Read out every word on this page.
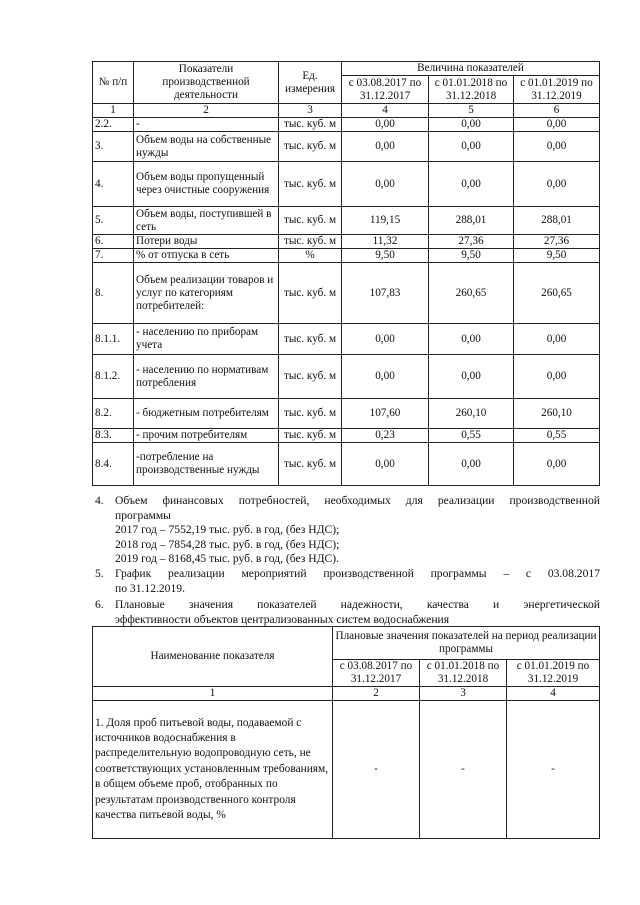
№ п/п	Показатели производственной деятельности	Ед. измерения	Величина показателей		
			с 03.08.2017 по 31.12.2017	с 01.01.2018 по 31.12.2018	с 01.01.2019 по 31.12.2019
1	2	3	4	5	6
2.2.	-	тыс. куб. м	0,00	0,00	0,00
3.	Объем воды на собственные нужды	тыс. куб. м	0,00	0,00	0,00
4.	Объем воды пропущенный через очистные сооружения	тыс. куб. м	0,00	0,00	0,00
5.	Объем воды, поступившей в сеть	тыс. куб. м	119,15	288,01	288,01
6.	Потери воды	тыс. куб. м	11,32	27,36	27,36
7.	% от отпуска в сеть	%	9,50	9,50	9,50
8.	Объем реализации товаров и услуг по категориям потребителей:	тыс. куб. м	107,83	260,65	260,65
8.1.1.	- населению по приборам учета	тыс. куб. м	0,00	0,00	0,00
8.1.2.	- населению по нормативам потребления	тыс. куб. м	0,00	0,00	0,00
8.2.	- бюджетным потребителям	тыс. куб. м	107,60	260,10	260,10
8.3.	- прочим потребителям	тыс. куб. м	0,23	0,55	0,55
8.4.	-потребление на производственные нужды	тыс. куб. м	0,00	0,00	0,00
4. Объем финансовых потребностей, необходимых для реализации производственной
программы
2017 год – 7552,19 тыс. руб. в год, (без НДС);
2018 год – 7854,28 тыс. руб. в год, (без НДС);
2019 год – 8168,45 тыс. руб. в год, (без НДС).
5. График реализации мероприятий производственной программы – с 03.08.2017
по 31.12.2019.
6. Плановые значения показателей надежности, качества и энергетической
эффективности объектов централизованных систем водоснабжения
Наименование показателя	Плановые значения показателей на период реализации программы		
	с 03.08.2017 по 31.12.2017	с 01.01.2018 по 31.12.2018	с 01.01.2019 по 31.12.2019
1	2	3	4
1. Доля проб питьевой воды, подаваемой с источников водоснабжения в распределительную водопроводную сеть, не соответствующих установленным требованиям, в общем объеме проб, отобранных по результатам производственного контроля качества питьевой воды, %	-	-	-
